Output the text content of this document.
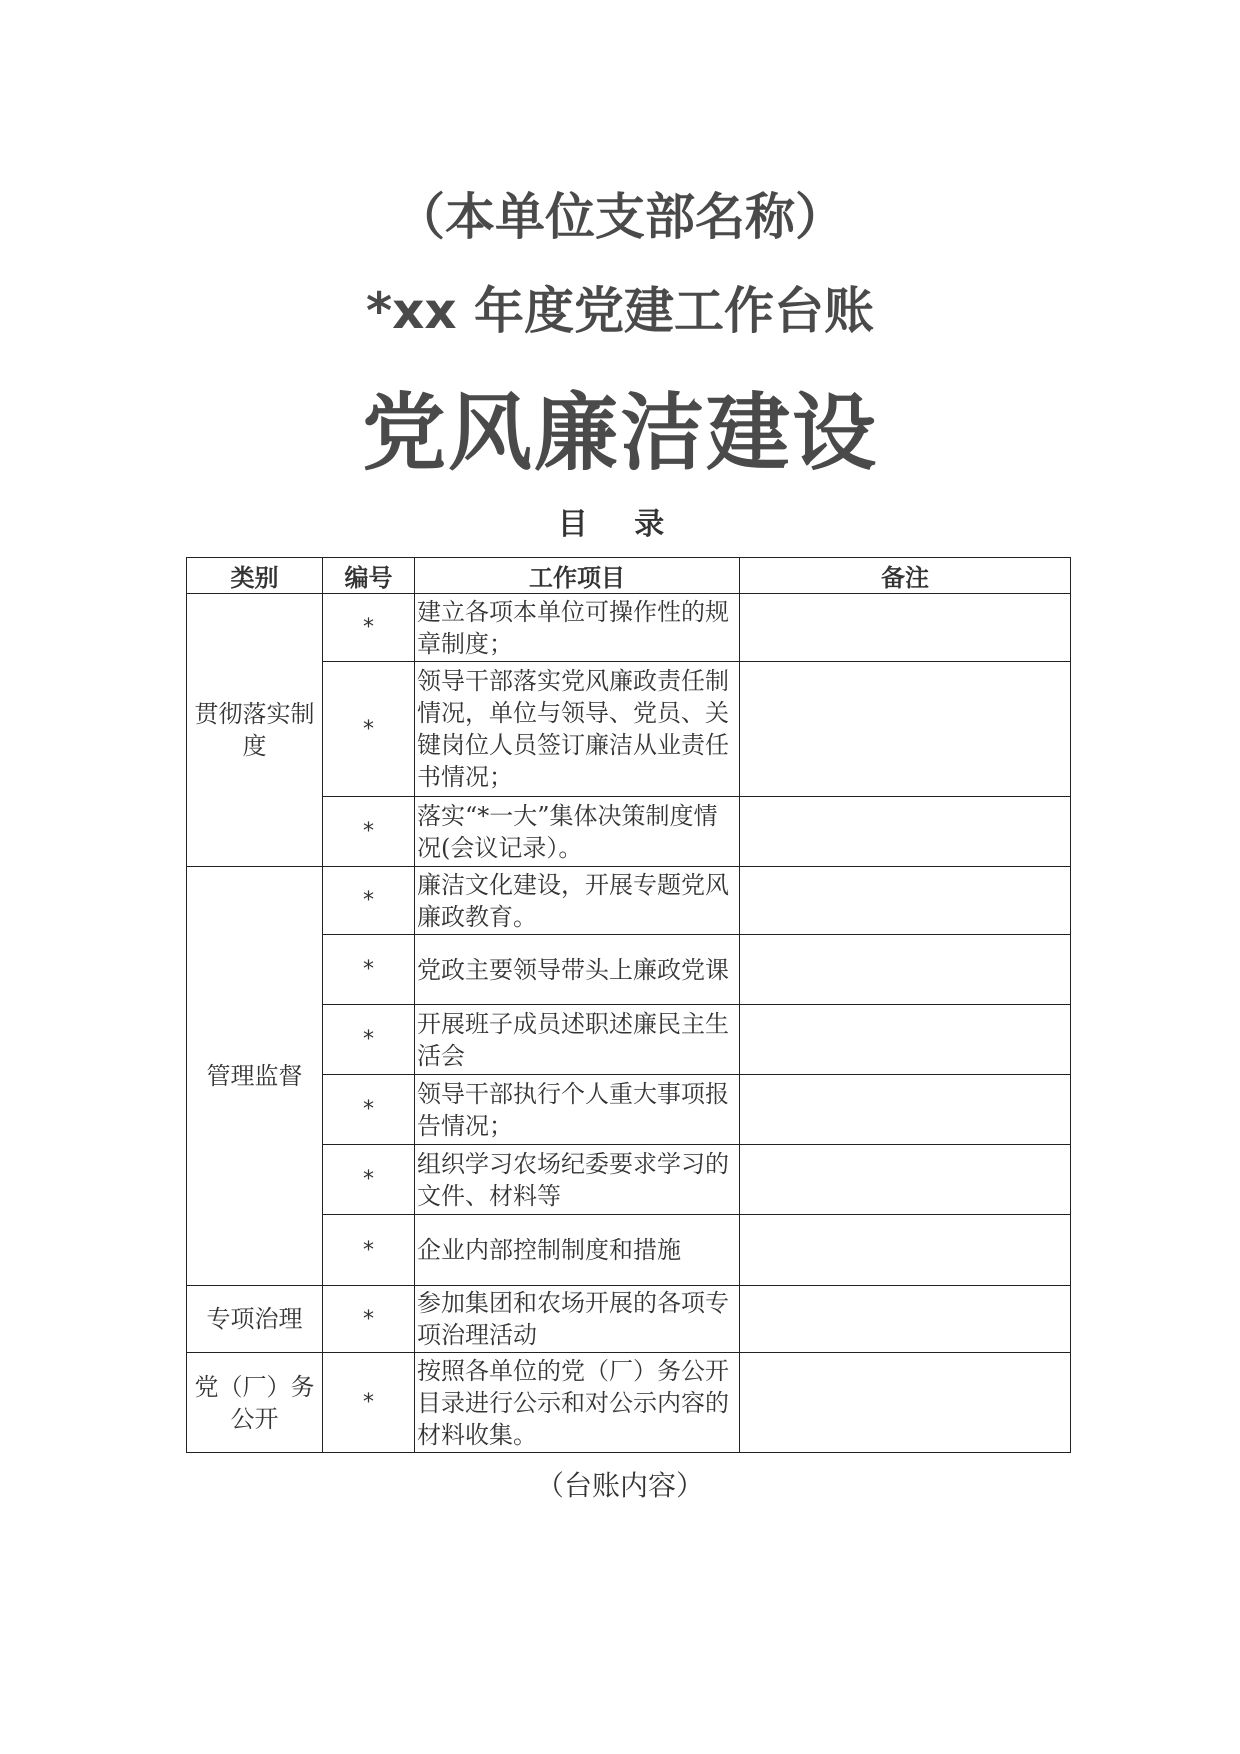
（本单位支部名称）
*xx 年度党建工作台账
党风廉洁建设
目 录
类别	编号	工作项目	备注
贯彻落实制度	*	建立各项本单位可操作性的规章制度；	
	*	领导干部落实党风廉政责任制情况，单位与领导、党员、关键岗位人员签订廉洁从业责任书情况；	
	*	落实“*一大”集体决策制度情况(会议记录）。	
管理监督	*	廉洁文化建设，开展专题党风廉政教育。	
	*	党政主要领导带头上廉政党课	
	*	开展班子成员述职述廉民主生活会	
	*	领导干部执行个人重大事项报告情况；	
	*	组织学习农场纪委要求学习的文件、材料等	
	*	企业内部控制制度和措施	
专项治理	*	参加集团和农场开展的各项专项治理活动	
党（厂）务公开	*	按照各单位的党（厂）务公开目录进行公示和对公示内容的材料收集。	
（台账内容）
